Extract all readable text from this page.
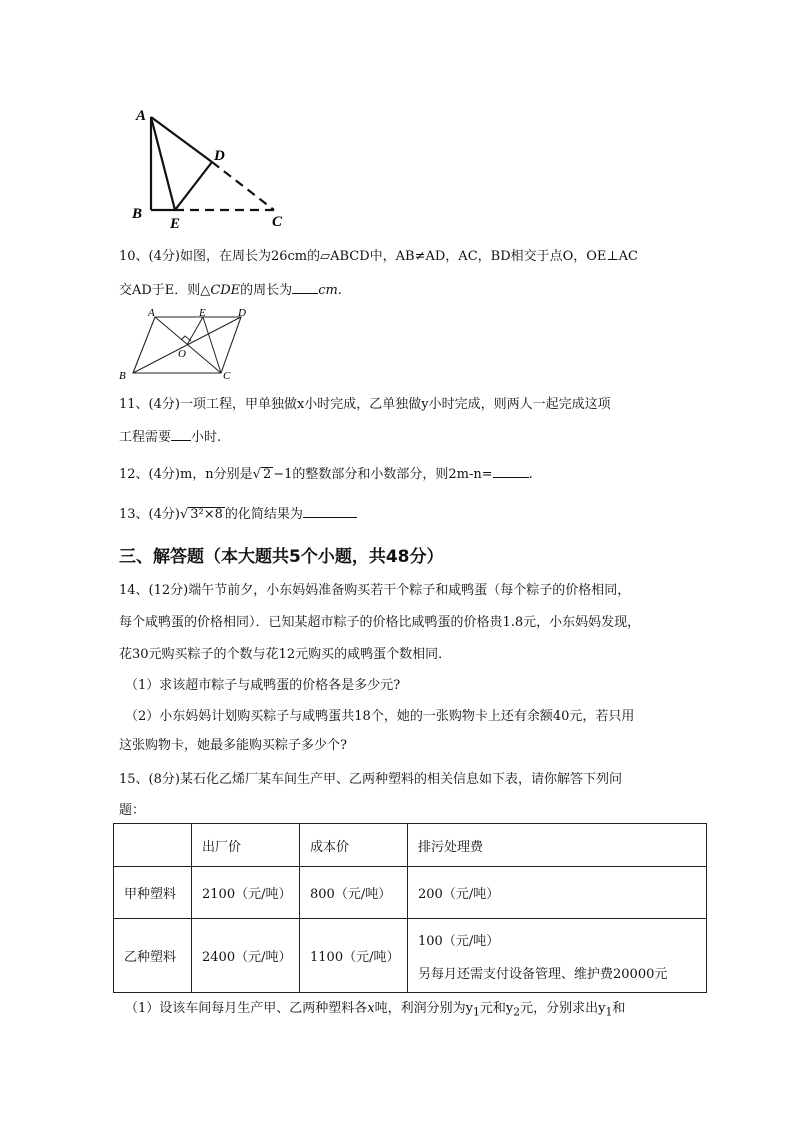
A
B
E
D
C
10、(4分)如图，在周长为26cm的▱ABCD中，AB≠AD，AC，BD相交于点O，OE⊥AC
交AD于E．则△CDE的周长为 cm.
A	E	D
O
B	C
11、(4分)一项工程，甲单独做x小时完成，乙单独做y小时完成，则两人一起完成这项
工程需要 小时.
12、(4分)m，n分别是√ 2 −1的整数部分和小数部分，则2m-n=	.
13、(4分)√ 3²×8 的化简结果为
三、解答题（本大题共5个小题，共48分）
14、(12分)端午节前夕，小东妈妈准备购买若干个粽子和咸鸭蛋（每个粽子的价格相同，
每个咸鸭蛋的价格相同）．已知某超市粽子的价格比咸鸭蛋的价格贵1.8元，小东妈妈发现，
花30元购买粽子的个数与花12元购买的咸鸭蛋个数相同．
（1）求该超市粽子与咸鸭蛋的价格各是多少元?
（2）小东妈妈计划购买粽子与咸鸭蛋共18个，她的一张购物卡上还有余额40元，若只用
这张购物卡，她最多能购买粽子多少个?
15、(8分)某石化乙烯厂某车间生产甲、乙两种塑料的相关信息如下表，请你解答下列问
题：
	出厂价	成本价	排污处理费
甲种塑料	2100（元/吨）	800（元/吨）	200（元/吨）
乙种塑料	2400（元/吨）	1100（元/吨）	100（元/吨）
另每月还需支付设备管理、维护费20000元
（1）设该车间每月生产甲、乙两种塑料各x吨，利润分别为$y_1$元和$y_2$元，分别求出$y_1$和
